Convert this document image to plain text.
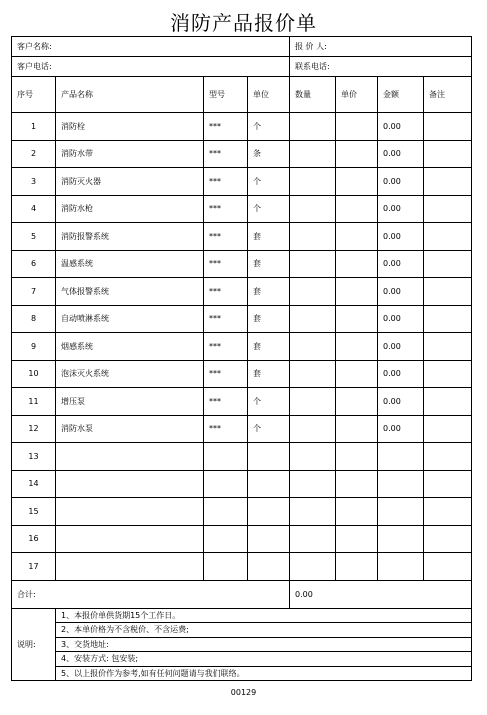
消防产品报价单
客户名称:				报 价 人:			
客户电话:				联系电话:			
序号	产品名称	型号	单位	数量	单价	金额	备注
1	消防栓	***	个			0.00	
2	消防水带	***	条			0.00	
3	消防灭火器	***	个			0.00	
4	消防水枪	***	个			0.00	
5	消防报警系统	***	套			0.00	
6	温感系统	***	套			0.00	
7	气体报警系统	***	套			0.00	
8	自动喷淋系统	***	套			0.00	
9	烟感系统	***	套			0.00	
10	泡沫灭火系统	***	套			0.00	
11	增压泵	***	个			0.00	
12	消防水泵	***	个			0.00	
13							
14							
15							
16							
17							
合计:				0.00			
说明:	1、本报价单供货期15个工作日。						
	2、本单价格为不含税价、不含运费;						
	3、交货地址:						
	4、安装方式: 包安装;						
	5、以上报价作为参考,如有任何问题请与我们联络。						
00129
